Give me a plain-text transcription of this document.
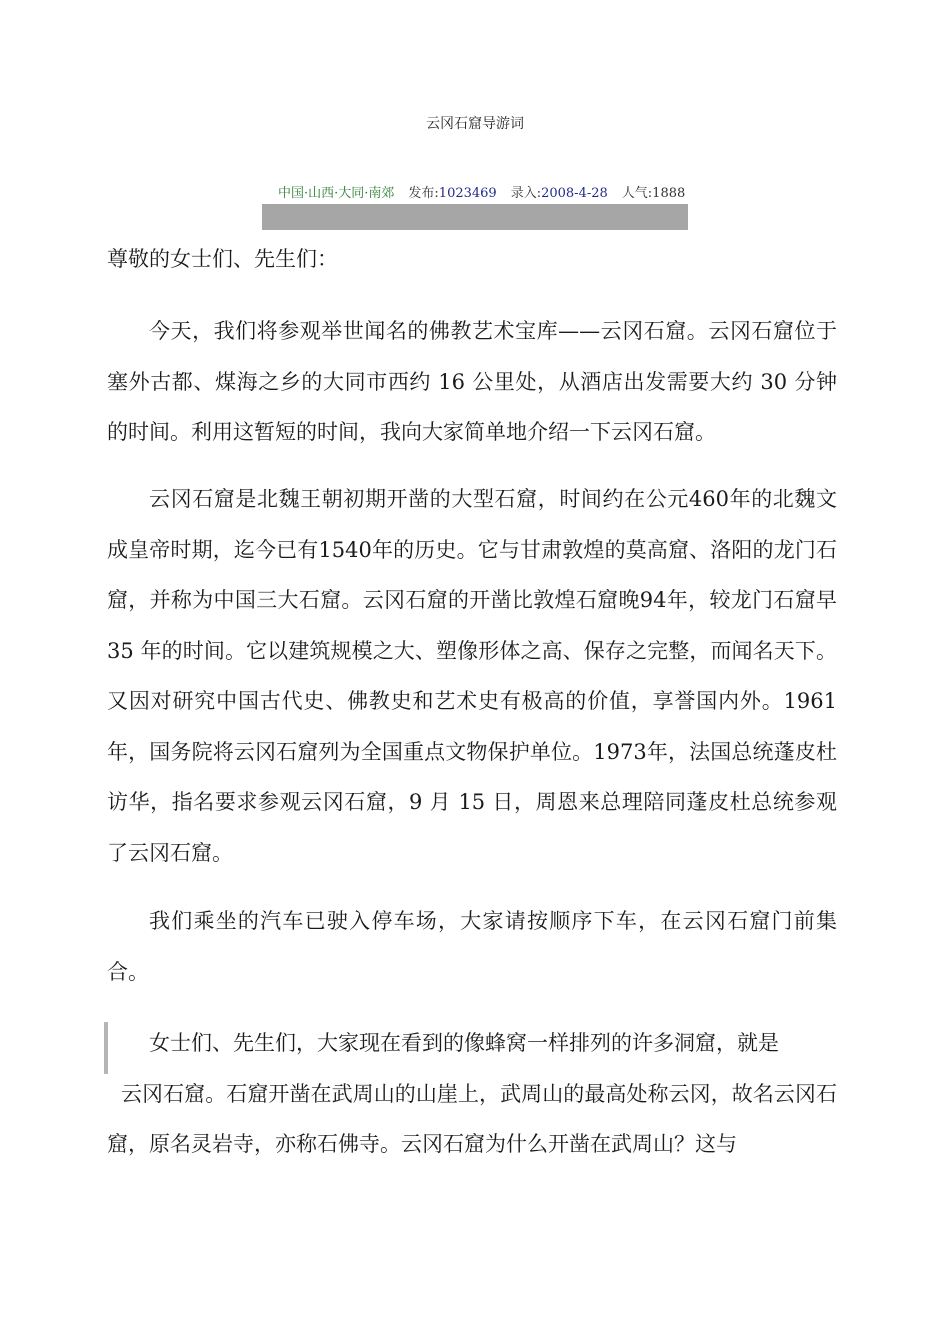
云冈石窟导游词
中国·山西·大同·南郊 发布:1023469 录入:2008-4-28 人气:1888

尊敬的女士们、先生们：

今天，我们将参观举世闻名的佛教艺术宝库——云冈石窟。云冈石窟位于塞外古都、煤海之乡的大同市西约 16 公里处，从酒店出发需要大约 30 分钟的时间。利用这暂短的时间，我向大家简单地介绍一下云冈石窟。

云冈石窟是北魏王朝初期开凿的大型石窟，时间约在公元460年的北魏文成皇帝时期，迄今已有1540年的历史。它与甘肃敦煌的莫高窟、洛阳的龙门石窟，并称为中国三大石窟。云冈石窟的开凿比敦煌石窟晚94年，较龙门石窟早 35 年的时间。它以建筑规模之大、塑像形体之高、保存之完整，而闻名天下。又因对研究中国古代史、佛教史和艺术史有极高的价值，享誉国内外。1961 年，国务院将云冈石窟列为全国重点文物保护单位。1973年，法国总统蓬皮杜访华，指名要求参观云冈石窟，9 月 15 日，周恩来总理陪同蓬皮杜总统参观了云冈石窟。

我们乘坐的汽车已驶入停车场，大家请按顺序下车，在云冈石窟门前集合。

女士们、先生们，大家现在看到的像蜂窝一样排列的许多洞窟，就是
云冈石窟。石窟开凿在武周山的山崖上，武周山的最高处称云冈，故名云冈石窟，原名灵岩寺，亦称石佛寺。云冈石窟为什么开凿在武周山？这与
